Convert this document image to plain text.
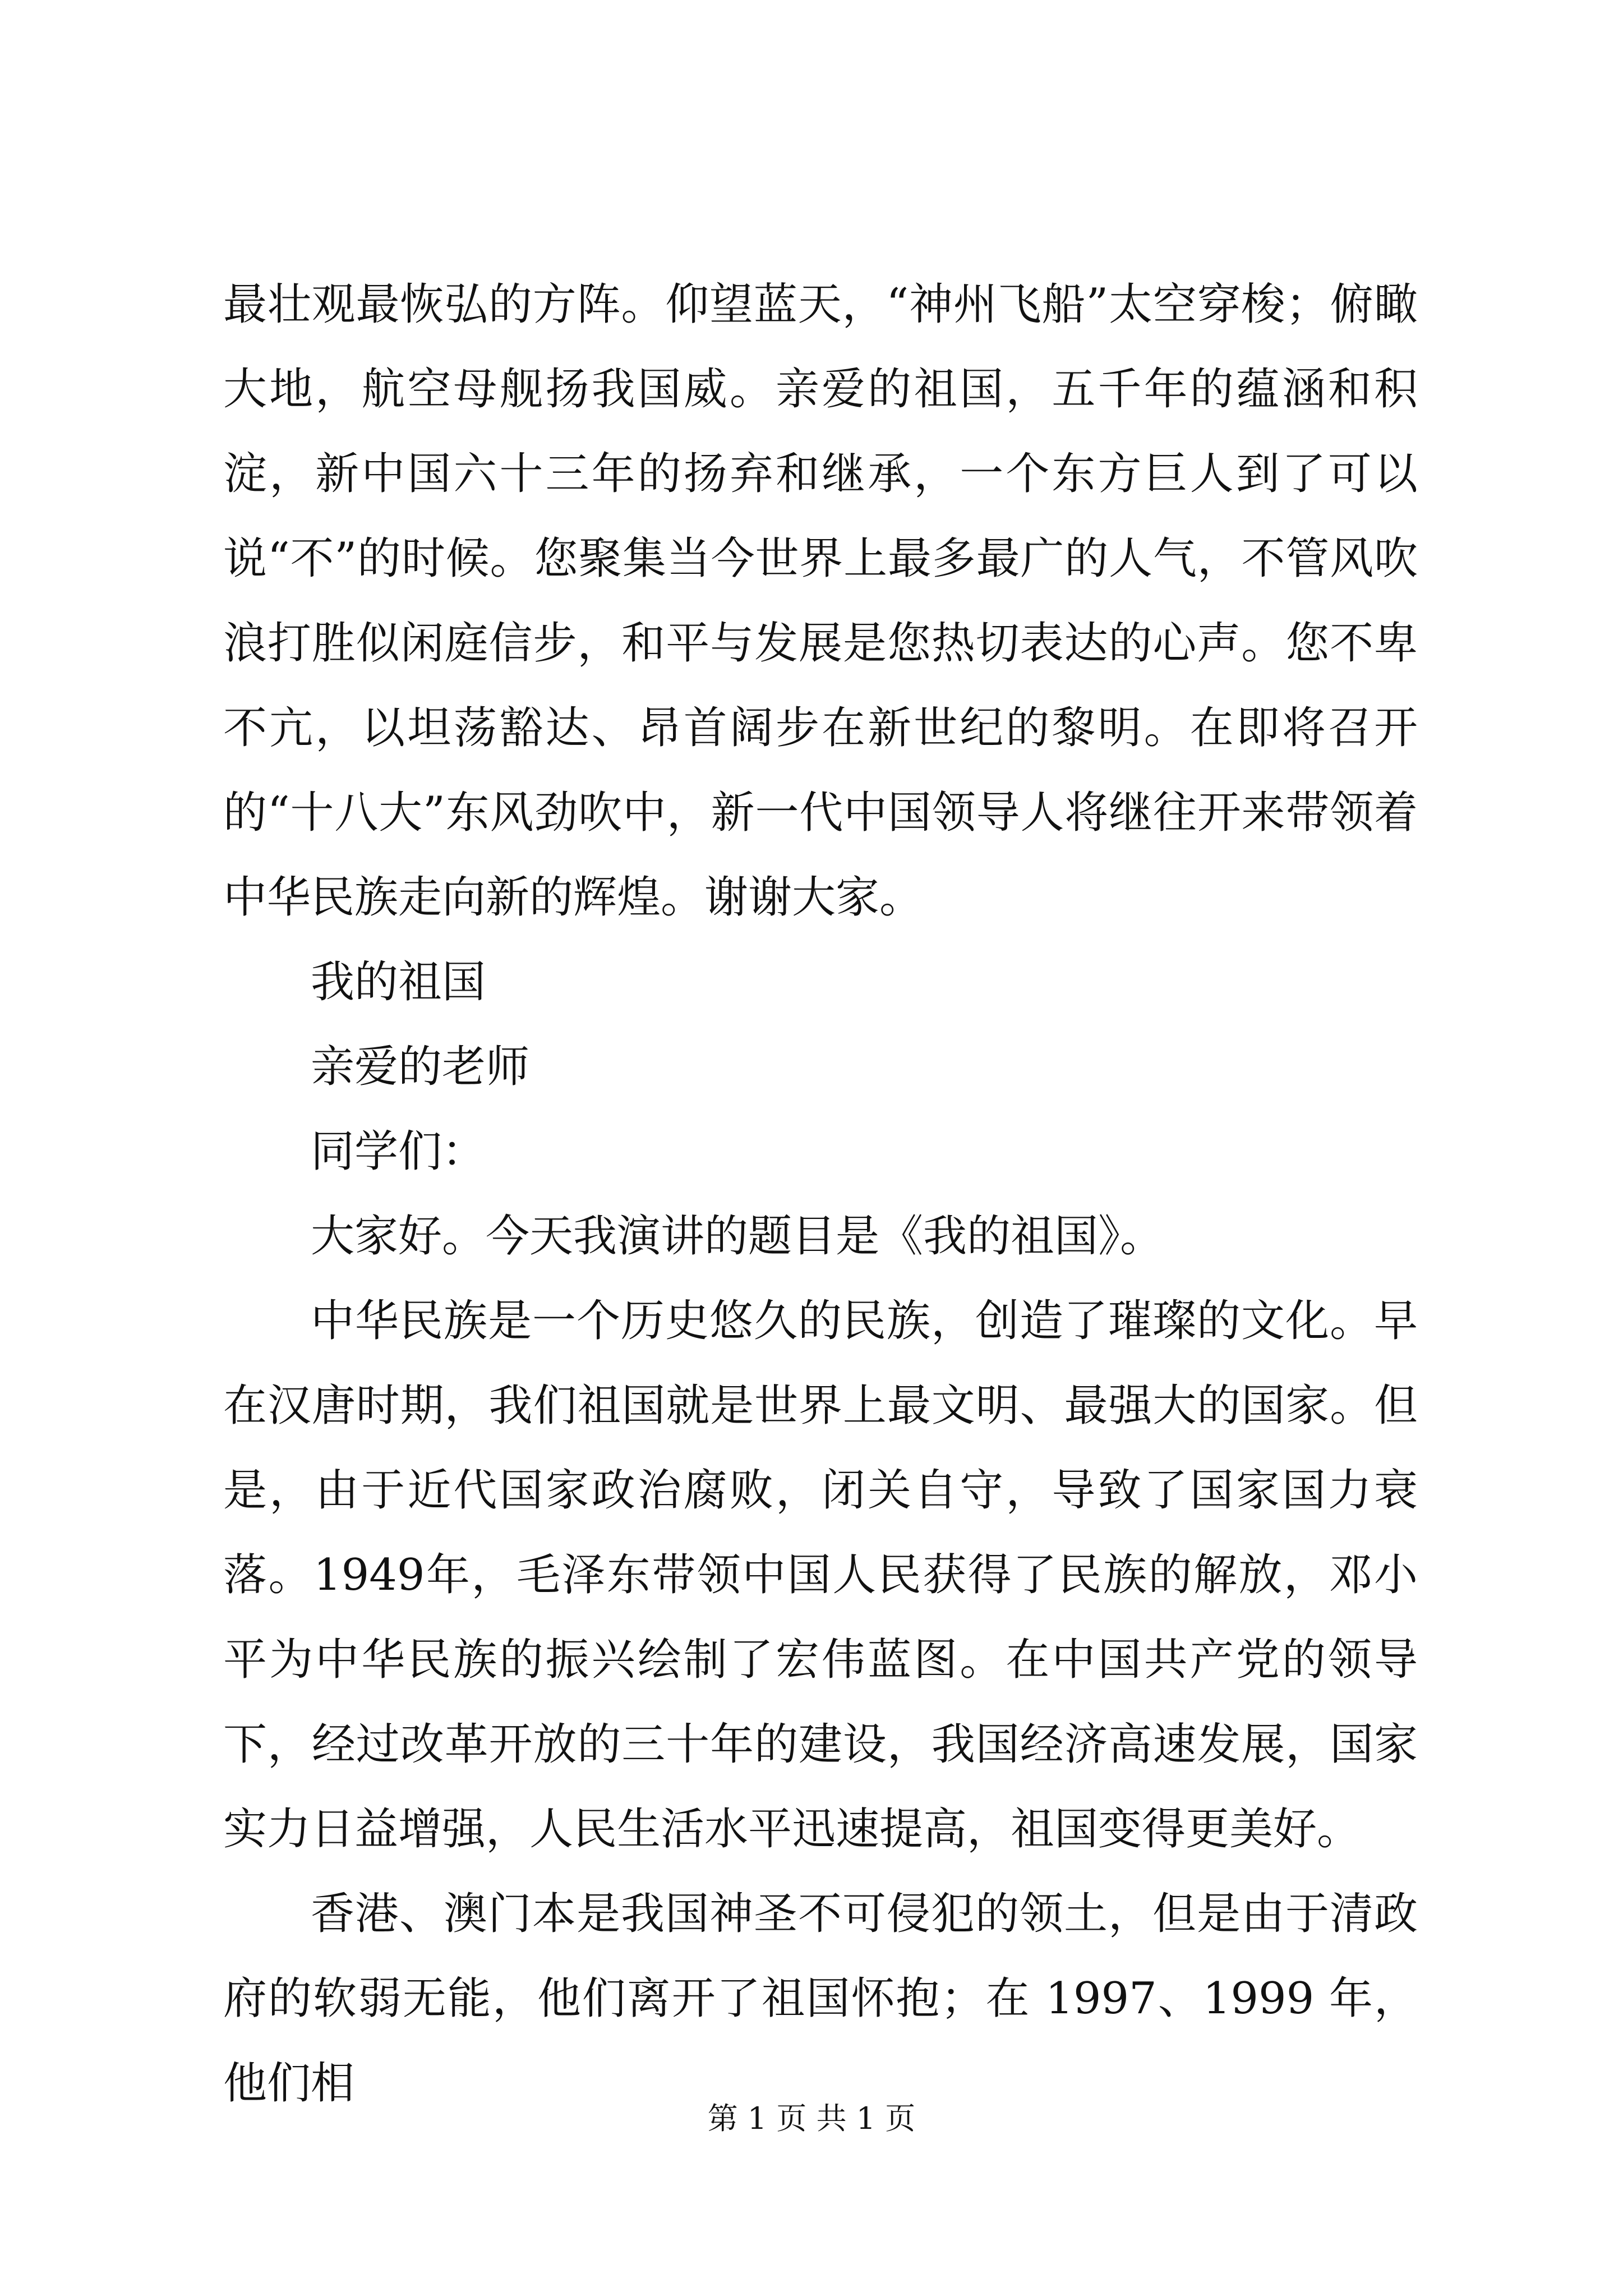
最壮观最恢弘的方阵。仰望蓝天，“神州飞船”太空穿梭；俯瞰大地，航空母舰扬我国威。亲爱的祖国，五千年的蕴涵和积淀，新中国六十三年的扬弃和继承，一个东方巨人到了可以说“不”的时候。您聚集当今世界上最多最广的人气，不管风吹浪打胜似闲庭信步，和平与发展是您热切表达的心声。您不卑不亢，以坦荡豁达、昂首阔步在新世纪的黎明。在即将召开的“十八大”东风劲吹中，新一代中国领导人将继往开来带领着中华民族走向新的辉煌。谢谢大家。

我的祖国

亲爱的老师

同学们：

大家好。今天我演讲的题目是《我的祖国》。

中华民族是一个历史悠久的民族，创造了璀璨的文化。早在汉唐时期，我们祖国就是世界上最文明、最强大的国家。但是，由于近代国家政治腐败，闭关自守，导致了国家国力衰落。1949年，毛泽东带领中国人民获得了民族的解放，邓小平为中华民族的振兴绘制了宏伟蓝图。在中国共产党的领导下，经过改革开放的三十年的建设，我国经济高速发展，国家实力日益增强，人民生活水平迅速提高，祖国变得更美好。

香港、澳门本是我国神圣不可侵犯的领土，但是由于清政府的软弱无能，他们离开了祖国怀抱；在 1997、1999 年，他们相

第 1 页 共 1 页
